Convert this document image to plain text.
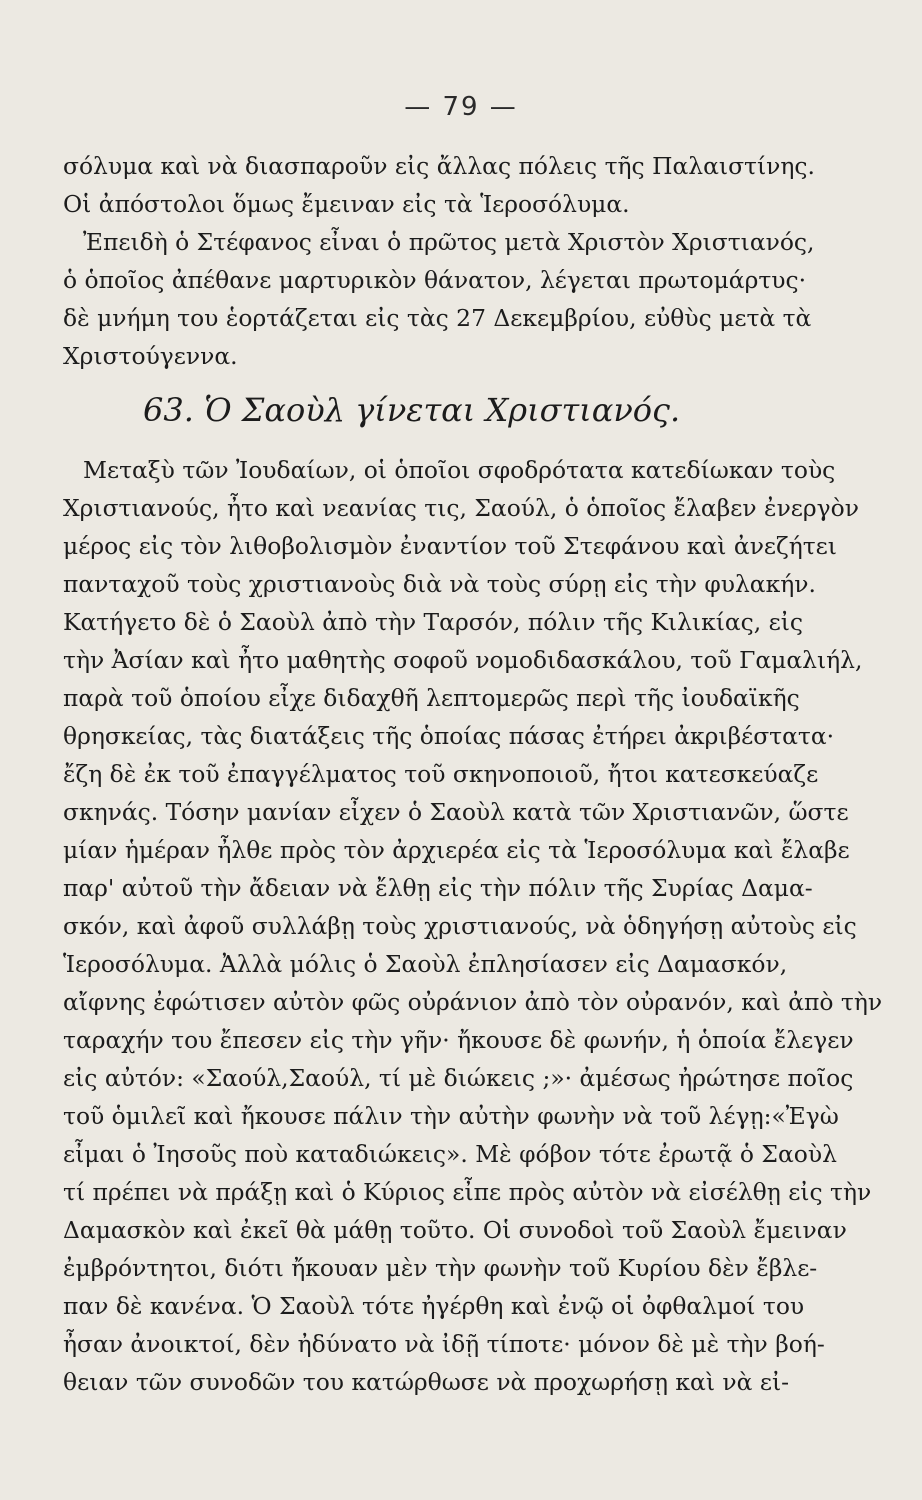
— 79 —
σόλυμα καὶ νὰ διασπαροῦν εἰς ἄλλας πόλεις τῆς Παλαιστίνης.
Οἱ ἀπόστολοι ὅμως ἔμειναν εἰς τὰ Ἱεροσόλυμα.
Ἐπειδὴ ὁ Στέφανος εἶναι ὁ πρῶτος μετὰ Χριστὸν Χριστιανός,
ὁ ὁποῖος ἀπέθανε μαρτυρικὸν θάνατον, λέγεται πρωτομάρτυς·
δὲ μνήμη του ἑορτάζεται εἰς τὰς 27 Δεκεμβρίου, εὐθὺς μετὰ τὰ
Χριστούγεννα.
63. Ὁ Σαοὺλ γίνεται Χριστιανός.
Μεταξὺ τῶν Ἰουδαίων, οἱ ὁποῖοι σφοδρότατα κατεδίωκαν τοὺς
Χριστιανούς, ἦτο καὶ νεανίας τις, Σαούλ, ὁ ὁποῖος ἔλαβεν ἐνεργὸν
μέρος εἰς τὸν λιθοβολισμὸν ἐναντίον τοῦ Στεφάνου καὶ ἀνεζήτει
πανταχοῦ τοὺς χριστιανοὺς διὰ νὰ τοὺς σύρῃ εἰς τὴν φυλακήν.
Κατήγετο δὲ ὁ Σαοὺλ ἀπὸ τὴν Ταρσόν, πόλιν τῆς Κιλικίας, εἰς
τὴν Ἀσίαν καὶ ἦτο μαθητὴς σοφοῦ νομοδιδασκάλου, τοῦ Γαμαλιήλ,
παρὰ τοῦ ὁποίου εἶχε διδαχθῆ λεπτομερῶς περὶ τῆς ἰουδαϊκῆς
θρησκείας, τὰς διατάξεις τῆς ὁποίας πάσας ἐτήρει ἀκριβέστατα·
ἔζη δὲ ἐκ τοῦ ἐπαγγέλματος τοῦ σκηνοποιοῦ, ἤτοι κατεσκεύαζε
σκηνάς. Τόσην μανίαν εἶχεν ὁ Σαοὺλ κατὰ τῶν Χριστιανῶν, ὥστε
μίαν ἡμέραν ἦλθε πρὸς τὸν ἀρχιερέα εἰς τὰ Ἱεροσόλυμα καὶ ἔλαβε
παρ' αὐτοῦ τὴν ἄδειαν νὰ ἔλθῃ εἰς τὴν πόλιν τῆς Συρίας Δαμα-
σκόν, καὶ ἀφοῦ συλλάβῃ τοὺς χριστιανούς, νὰ ὁδηγήσῃ αὐτοὺς εἰς
Ἱεροσόλυμα. Ἀλλὰ μόλις ὁ Σαοὺλ ἐπλησίασεν εἰς Δαμασκόν,
αἴφνης ἐφώτισεν αὐτὸν φῶς οὐράνιον ἀπὸ τὸν οὐρανόν, καὶ ἀπὸ τὴν
ταραχήν του ἔπεσεν εἰς τὴν γῆν· ἤκουσε δὲ φωνήν, ἡ ὁποία ἔλεγεν
εἰς αὐτόν: «Σαούλ,Σαούλ, τί μὲ διώκεις ;»· ἀμέσως ἠρώτησε ποῖος
τοῦ ὁμιλεῖ καὶ ἤκουσε πάλιν τὴν αὐτὴν φωνὴν νὰ τοῦ λέγῃ:«Ἐγὼ
εἶμαι ὁ Ἰησοῦς ποὺ καταδιώκεις». Μὲ φόβον τότε ἐρωτᾷ ὁ Σαοὺλ
τί πρέπει νὰ πράξῃ καὶ ὁ Κύριος εἶπε πρὸς αὐτὸν νὰ εἰσέλθῃ εἰς τὴν
Δαμασκὸν καὶ ἐκεῖ θὰ μάθῃ τοῦτο. Οἱ συνοδοὶ τοῦ Σαοὺλ ἔμειναν
ἐμβρόντητοι, διότι ἤκουαν μὲν τὴν φωνὴν τοῦ Κυρίου δὲν ἔβλε-
παν δὲ κανένα. Ὁ Σαοὺλ τότε ἠγέρθη καὶ ἐνῷ οἱ ὀφθαλμοί του
ἦσαν ἀνοικτοί, δὲν ἠδύνατο νὰ ἰδῇ τίποτε· μόνον δὲ μὲ τὴν βοή-
θειαν τῶν συνοδῶν του κατώρθωσε νὰ προχωρήσῃ καὶ νὰ εἰ-
